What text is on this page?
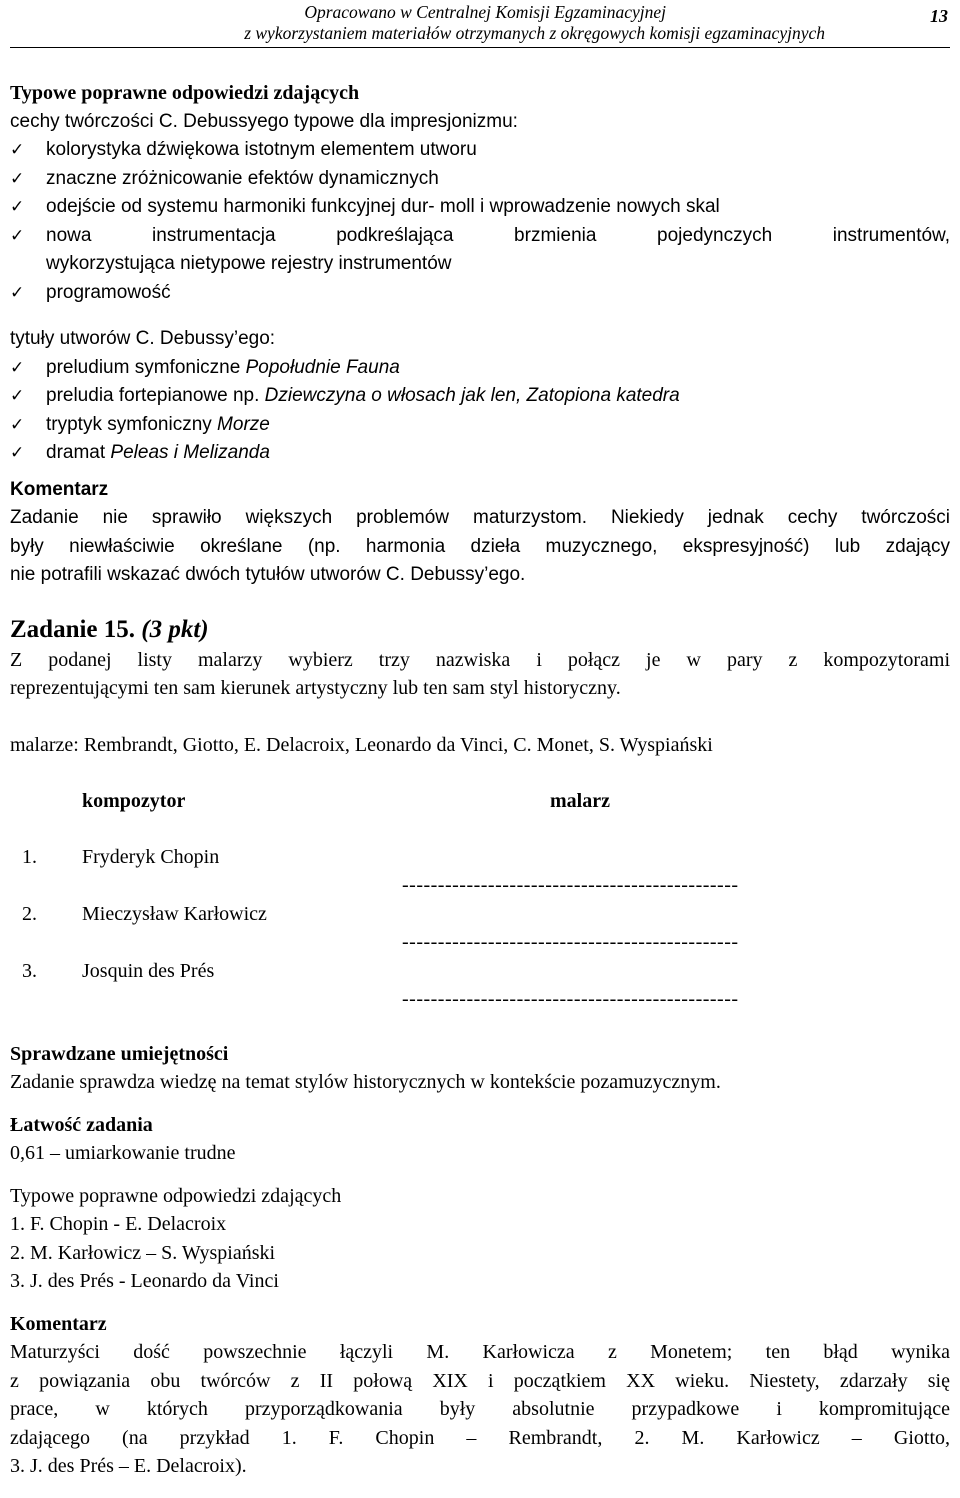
Opracowano w Centralnej Komisji Egzaminacyjnej
z wykorzystaniem materiałów otrzymanych z okręgowych komisji egzaminacyjnych
13
Typowe poprawne odpowiedzi zdających
cechy twórczości C. Debussyego typowe dla impresjonizmu:
✓	kolorystyka dźwiękowa istotnym elementem utworu
✓	znaczne zróżnicowanie efektów dynamicznych
✓	odejście od systemu harmoniki funkcyjnej dur- moll i wprowadzenie nowych skal
✓	nowa instrumentacja podkreślająca brzmienia pojedynczych instrumentów,
wykorzystująca nietypowe rejestry instrumentów
✓	programowość
tytuły utworów C. Debussy’ego:
✓	preludium symfoniczne Popołudnie Fauna
✓	preludia fortepianowe np. Dziewczyna o włosach jak len, Zatopiona katedra
✓	tryptyk symfoniczny Morze
✓	dramat Peleas i Melizanda
Komentarz
Zadanie nie sprawiło większych problemów maturzystom. Niekiedy jednak cechy twórczości
były niewłaściwie określane (np. harmonia dzieła muzycznego, ekspresyjność) lub zdający
nie potrafili wskazać dwóch tytułów utworów C. Debussy’ego.
Zadanie 15. (3 pkt)
Z podanej listy malarzy wybierz trzy nazwiska i połącz je w pary z kompozytorami
reprezentującymi ten sam kierunek artystyczny lub ten sam styl historyczny.
malarze: Rembrandt, Giotto, E. Delacroix, Leonardo da Vinci, C. Monet, S. Wyspiański
	kompozytor	malarz

1.	Fryderyk Chopin	
		-----------------------------------------------
2.	Mieczysław Karłowicz	
		-----------------------------------------------
3.	Josquin des Prés	
		-----------------------------------------------
Sprawdzane umiejętności
Zadanie sprawdza wiedzę na temat stylów historycznych w kontekście pozamuzycznym.
Łatwość zadania
0,61 – umiarkowanie trudne
Typowe poprawne odpowiedzi zdających
1. F. Chopin - E. Delacroix
2. M. Karłowicz – S. Wyspiański
3. J. des Prés - Leonardo da Vinci
Komentarz
Maturzyści dość powszechnie łączyli M. Karłowicza z Monetem; ten błąd wynika
z powiązania obu twórców z II połową XIX i początkiem XX wieku. Niestety, zdarzały się
prace, w których przyporządkowania były absolutnie przypadkowe i kompromitujące
zdającego (na przykład 1. F. Chopin – Rembrandt, 2. M. Karłowicz – Giotto,
3. J. des Prés – E. Delacroix).
